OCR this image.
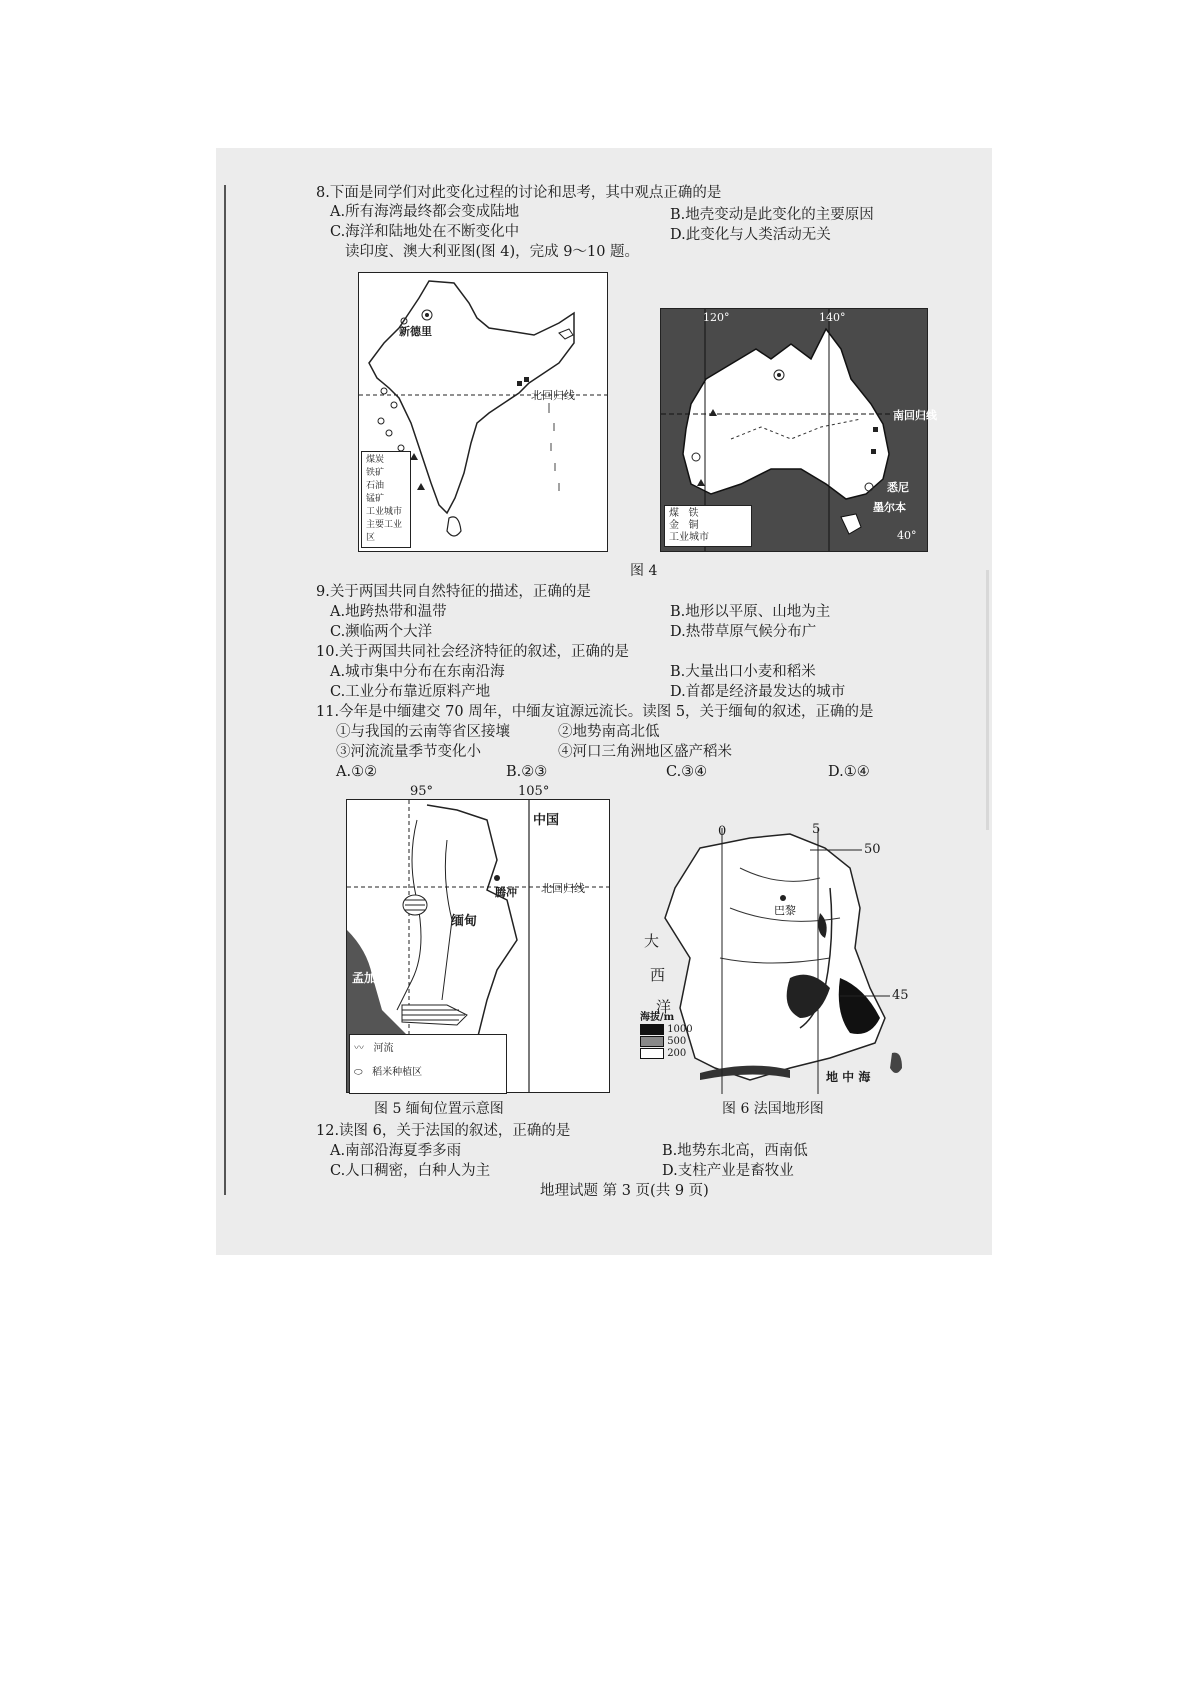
8.下面是同学们对此变化过程的讨论和思考，其中观点正确的是
A.所有海湾最终都会变成陆地	B.地壳变动是此变化的主要原因
C.海洋和陆地处在不断变化中	D.此变化与人类活动无关
读印度、澳大利亚图(图 4)，完成 9～10 题。
新德里
北回归线
煤炭
铁矿
石油
锰矿
工业城市
主要工业区
120°	140°
南回归线
悉尼
墨尔本
40°
煤 铁
金 铜
工业城市
图 4
9.关于两国共同自然特征的描述，正确的是
A.地跨热带和温带	B.地形以平原、山地为主
C.濒临两个大洋	D.热带草原气候分布广
10.关于两国共同社会经济特征的叙述，正确的是
A.城市集中分布在东南沿海	B.大量出口小麦和稻米
C.工业分布靠近原料产地	D.首都是经济最发达的城市
11.今年是中缅建交 70 周年，中缅友谊源远流长。读图 5，关于缅甸的叙述，正确的是
①与我国的云南等省区接壤	②地势南高北低
③河流流量季节变化小	④河口三角洲地区盛产稻米
A.①②	B.②③	C.③④	D.①④
95°	105°
中国
腾冲 北回归线
缅甸
孟加拉湾
〰   河流
⬭   稻米种植区
图 5 缅甸位置示意图
0	5
50
45
巴黎
大
西
洋
地 中 海
海拔/m
1000
500
200
图 6 法国地形图
12.读图 6，关于法国的叙述，正确的是
A.南部沿海夏季多雨	B.地势东北高，西南低
C.人口稠密，白种人为主	D.支柱产业是畜牧业
地理试题 第 3 页(共 9 页)
